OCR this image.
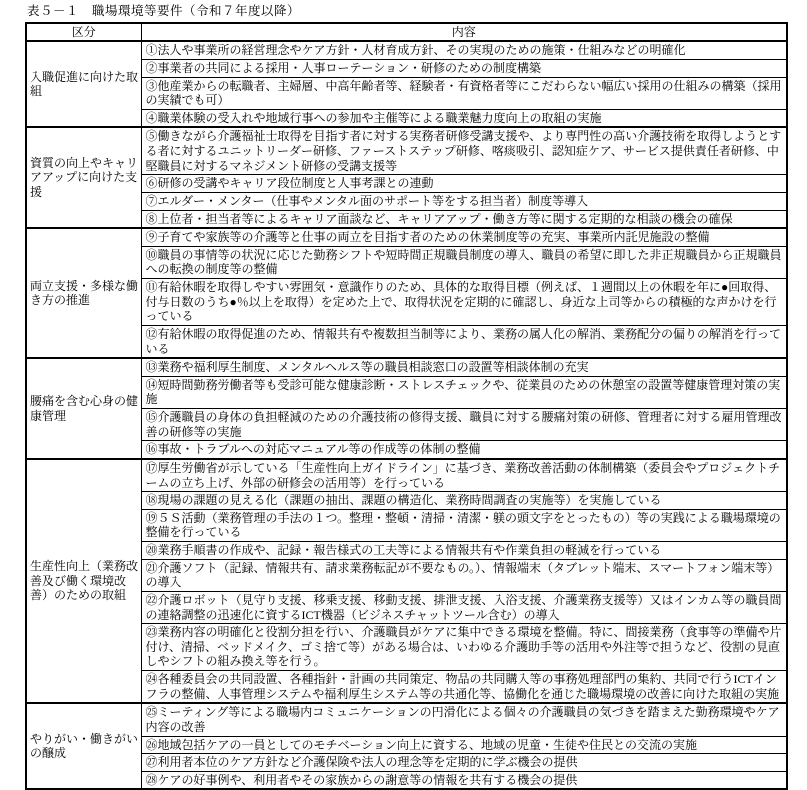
表５－１　職場環境等要件（令和７年度以降）

区分	内容
入職促進に向けた取組	①法人や事業所の経営理念やケア方針・人材育成方針、その実現のための施策・仕組みなどの明確化
	②事業者の共同による採用・人事ローテーション・研修のための制度構築
	③他産業からの転職者、主婦層、中高年齢者等、経験者・有資格者等にこだわらない幅広い採用の仕組みの構築（採用の実績でも可）
	④職業体験の受入れや地域行事への参加や主催等による職業魅力度向上の取組の実施
資質の向上やキャリアアップに向けた支援	⑤働きながら介護福祉士取得を目指す者に対する実務者研修受講支援や、より専門性の高い介護技術を取得しようとする者に対するユニットリーダー研修、ファーストステップ研修、喀痰吸引、認知症ケア、サービス提供責任者研修、中堅職員に対するマネジメント研修の受講支援等
	⑥研修の受講やキャリア段位制度と人事考課との連動
	⑦エルダー・メンター（仕事やメンタル面のサポート等をする担当者）制度等導入
	⑧上位者・担当者等によるキャリア面談など、キャリアアップ・働き方等に関する定期的な相談の機会の確保
両立支援・多様な働き方の推進	⑨子育てや家族等の介護等と仕事の両立を目指す者のための休業制度等の充実、事業所内託児施設の整備
	⑩職員の事情等の状況に応じた勤務シフトや短時間正規職員制度の導入、職員の希望に即した非正規職員から正規職員への転換の制度等の整備
	⑪有給休暇を取得しやすい雰囲気・意識作りのため、具体的な取得目標（例えば、１週間以上の休暇を年に●回取得、付与日数のうち●％以上を取得）を定めた上で、取得状況を定期的に確認し、身近な上司等からの積極的な声かけを行っている
	⑫有給休暇の取得促進のため、情報共有や複数担当制等により、業務の属人化の解消、業務配分の偏りの解消を行っている
腰痛を含む心身の健康管理	⑬業務や福利厚生制度、メンタルヘルス等の職員相談窓口の設置等相談体制の充実
	⑭短時間勤務労働者等も受診可能な健康診断・ストレスチェックや、従業員のための休憩室の設置等健康管理対策の実施
	⑮介護職員の身体の負担軽減のための介護技術の修得支援、職員に対する腰痛対策の研修、管理者に対する雇用管理改善の研修等の実施
	⑯事故・トラブルへの対応マニュアル等の作成等の体制の整備
生産性向上（業務改善及び働く環境改善）のための取組	⑰厚生労働省が示している「生産性向上ガイドライン」に基づき、業務改善活動の体制構築（委員会やプロジェクトチームの立ち上げ、外部の研修会の活用等）を行っている
	⑱現場の課題の見える化（課題の抽出、課題の構造化、業務時間調査の実施等）を実施している
	⑲５Ｓ活動（業務管理の手法の１つ。整理・整頓・清掃・清潔・躾の頭文字をとったもの）等の実践による職場環境の整備を行っている
	⑳業務手順書の作成や、記録・報告様式の工夫等による情報共有や作業負担の軽減を行っている
	㉑介護ソフト（記録、情報共有、請求業務転記が不要なもの。）、情報端末（タブレット端末、スマートフォン端末等）の導入
	㉒介護ロボット（見守り支援、移乗支援、移動支援、排泄支援、入浴支援、介護業務支援等）又はインカム等の職員間の連絡調整の迅速化に資するICT機器（ビジネスチャットツール含む）の導入
	㉓業務内容の明確化と役割分担を行い、介護職員がケアに集中できる環境を整備。特に、間接業務（食事等の準備や片付け、清掃、ベッドメイク、ゴミ捨て等）がある場合は、いわゆる介護助手等の活用や外注等で担うなど、役割の見直しやシフトの組み換え等を行う。
	㉔各種委員会の共同設置、各種指針・計画の共同策定、物品の共同購入等の事務処理部門の集約、共同で行うICTインフラの整備、人事管理システムや福利厚生システム等の共通化等、協働化を通じた職場環境の改善に向けた取組の実施
やりがい・働きがいの醸成	㉕ミーティング等による職場内コミュニケーションの円滑化による個々の介護職員の気づきを踏まえた勤務環境やケア内容の改善
	㉖地域包括ケアの一員としてのモチベーション向上に資する、地域の児童・生徒や住民との交流の実施
	㉗利用者本位のケア方針など介護保険や法人の理念等を定期的に学ぶ機会の提供
	㉘ケアの好事例や、利用者やその家族からの謝意等の情報を共有する機会の提供
